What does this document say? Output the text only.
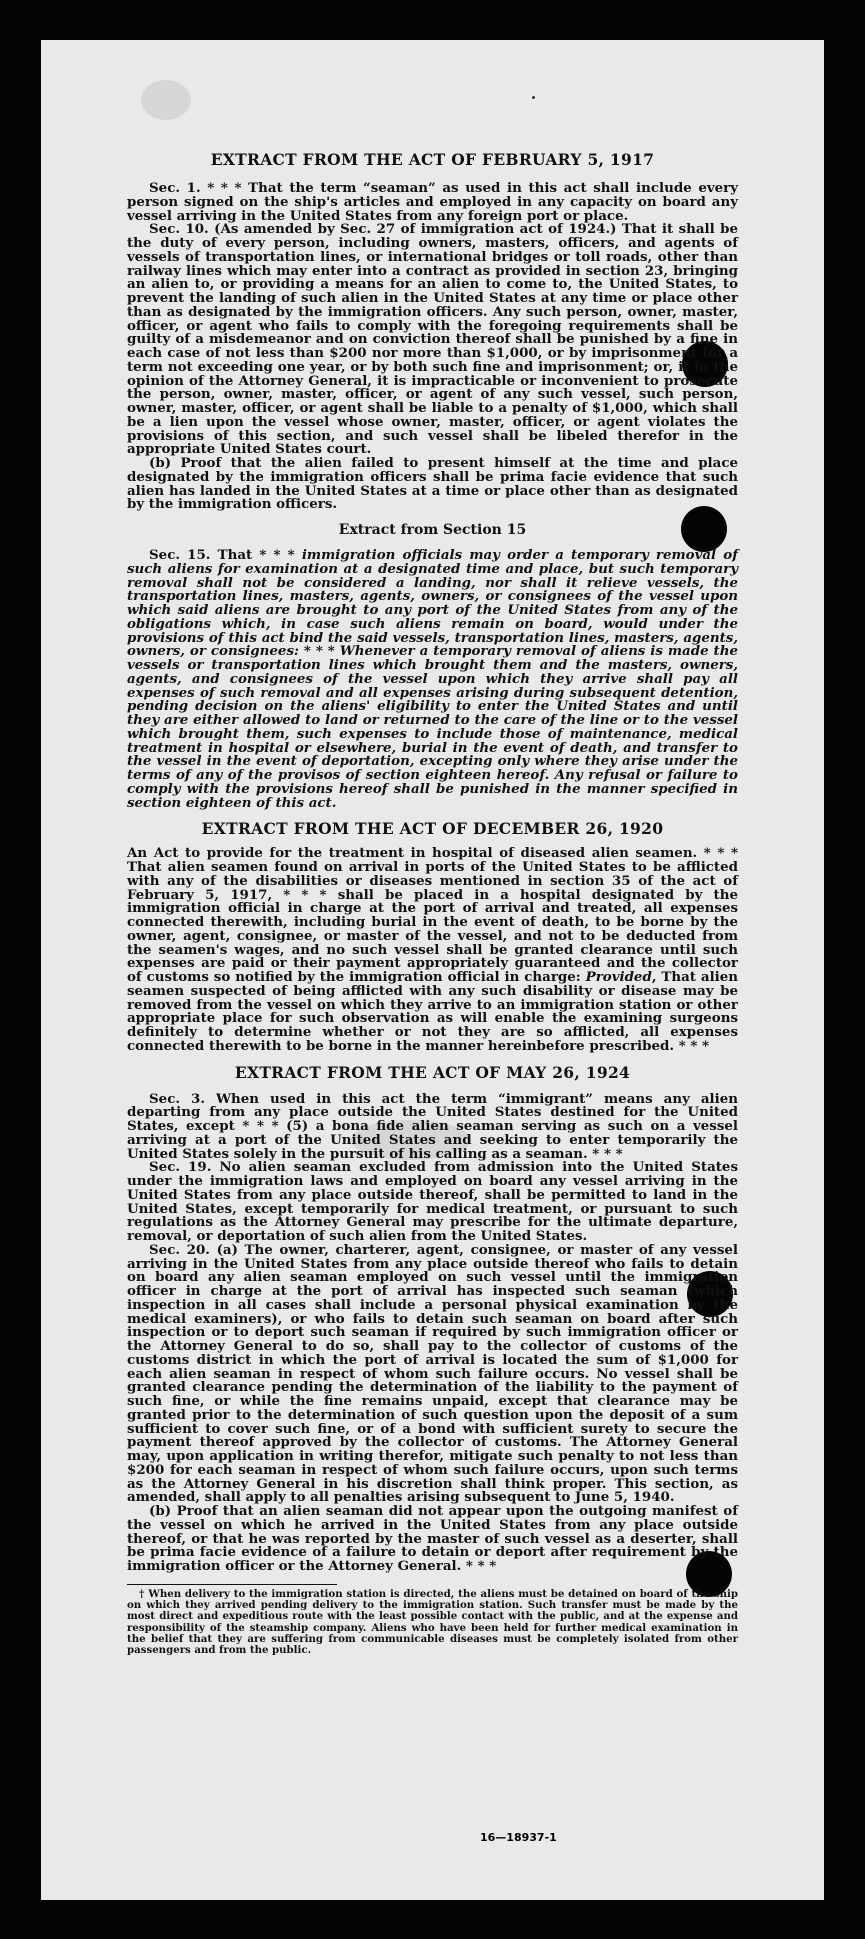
EXTRACT FROM THE ACT OF FEBRUARY 5, 1917

Sec. 1. * * * That the term “seaman” as used in this act shall include every person signed on the ship's articles and employed in any capacity on board any vessel arriving in the United States from any foreign port or place.

Sec. 10. (As amended by Sec. 27 of immigration act of 1924.) That it shall be the duty of every person, including owners, masters, officers, and agents of vessels of transportation lines, or international bridges or toll roads, other than railway lines which may enter into a contract as provided in section 23, bringing an alien to, or providing a means for an alien to come to, the United States, to prevent the landing of such alien in the United States at any time or place other than as designated by the immigration officers. Any such person, owner, master, officer, or agent who fails to comply with the foregoing requirements shall be guilty of a misdemeanor and on conviction thereof shall be punished by a fine in each case of not less than $200 nor more than $1,000, or by imprisonment for a term not exceeding one year, or by both such fine and imprisonment; or, if in the opinion of the Attorney General, it is impracticable or inconvenient to prosecute the person, owner, master, officer, or agent of any such vessel, such person, owner, master, officer, or agent shall be liable to a penalty of $1,000, which shall be a lien upon the vessel whose owner, master, officer, or agent violates the provisions of this section, and such vessel shall be libeled therefor in the appropriate United States court.

(b) Proof that the alien failed to present himself at the time and place designated by the immigration officers shall be prima facie evidence that such alien has landed in the United States at a time or place other than as designated by the immigration officers.

Extract from Section 15

Sec. 15. That * * * immigration officials may order a temporary removal of such aliens for examination at a designated time and place, but such temporary removal shall not be considered a landing, nor shall it relieve vessels, the transportation lines, masters, agents, owners, or consignees of the vessel upon which said aliens are brought to any port of the United States from any of the obligations which, in case such aliens remain on board, would under the provisions of this act bind the said vessels, transportation lines, masters, agents, owners, or consignees: * * * Whenever a temporary removal of aliens is made the vessels or transportation lines which brought them and the masters, owners, agents, and consignees of the vessel upon which they arrive shall pay all expenses of such removal and all expenses arising during subsequent detention, pending decision on the aliens' eligibility to enter the United States and until they are either allowed to land or returned to the care of the line or to the vessel which brought them, such expenses to include those of maintenance, medical treatment in hospital or elsewhere, burial in the event of death, and transfer to the vessel in the event of deportation, excepting only where they arise under the terms of any of the provisos of section eighteen hereof. Any refusal or failure to comply with the provisions hereof shall be punished in the manner specified in section eighteen of this act.

EXTRACT FROM THE ACT OF DECEMBER 26, 1920

An Act to provide for the treatment in hospital of diseased alien seamen. * * * That alien seamen found on arrival in ports of the United States to be afflicted with any of the disabilities or diseases mentioned in section 35 of the act of February 5, 1917, * * * shall be placed in a hospital designated by the immigration official in charge at the port of arrival and treated, all expenses connected therewith, including burial in the event of death, to be borne by the owner, agent, consignee, or master of the vessel, and not to be deducted from the seamen's wages, and no such vessel shall be granted clearance until such expenses are paid or their payment appropriately guaranteed and the collector of customs so notified by the immigration official in charge: Provided, That alien seamen suspected of being afflicted with any such disability or disease may be removed from the vessel on which they arrive to an immigration station or other appropriate place for such observation as will enable the examining surgeons definitely to determine whether or not they are so afflicted, all expenses connected therewith to be borne in the manner hereinbefore prescribed. * * *

EXTRACT FROM THE ACT OF MAY 26, 1924

Sec. 3. When used in this act the term “immigrant” means any alien departing from any place outside the United States destined for the United States, except * * * (5) a bona fide alien seaman serving as such on a vessel arriving at a port of the United States and seeking to enter temporarily the United States solely in the pursuit of his calling as a seaman. * * *

Sec. 19. No alien seaman excluded from admission into the United States under the immigration laws and employed on board any vessel arriving in the United States from any place outside thereof, shall be permitted to land in the United States, except temporarily for medical treatment, or pursuant to such regulations as the Attorney General may prescribe for the ultimate departure, removal, or deportation of such alien from the United States.

Sec. 20. (a) The owner, charterer, agent, consignee, or master of any vessel arriving in the United States from any place outside thereof who fails to detain on board any alien seaman employed on such vessel until the immigration officer in charge at the port of arrival has inspected such seaman (which inspection in all cases shall include a personal physical examination by the medical examiners), or who fails to detain such seaman on board after such inspection or to deport such seaman if required by such immigration officer or the Attorney General to do so, shall pay to the collector of customs of the customs district in which the port of arrival is located the sum of $1,000 for each alien seaman in respect of whom such failure occurs. No vessel shall be granted clearance pending the determination of the liability to the payment of such fine, or while the fine remains unpaid, except that clearance may be granted prior to the determination of such question upon the deposit of a sum sufficient to cover such fine, or of a bond with sufficient surety to secure the payment thereof approved by the collector of customs. The Attorney General may, upon application in writing therefor, mitigate such penalty to not less than $200 for each seaman in respect of whom such failure occurs, upon such terms as the Attorney General in his discretion shall think proper. This section, as amended, shall apply to all penalties arising subsequent to June 5, 1940.

(b) Proof that an alien seaman did not appear upon the outgoing manifest of the vessel on which he arrived in the United States from any place outside thereof, or that he was reported by the master of such vessel as a deserter, shall be prima facie evidence of a failure to detain or deport after requirement by the immigration officer or the Attorney General. * * *

† When delivery to the immigration station is directed, the aliens must be detained on board of the ship on which they arrived pending delivery to the immigration station. Such transfer must be made by the most direct and expeditious route with the least possible contact with the public, and at the expense and responsibility of the steamship company. Aliens who have been held for further medical examination in the belief that they are suffering from communicable diseases must be completely isolated from other passengers and from the public.

16—18937-1
